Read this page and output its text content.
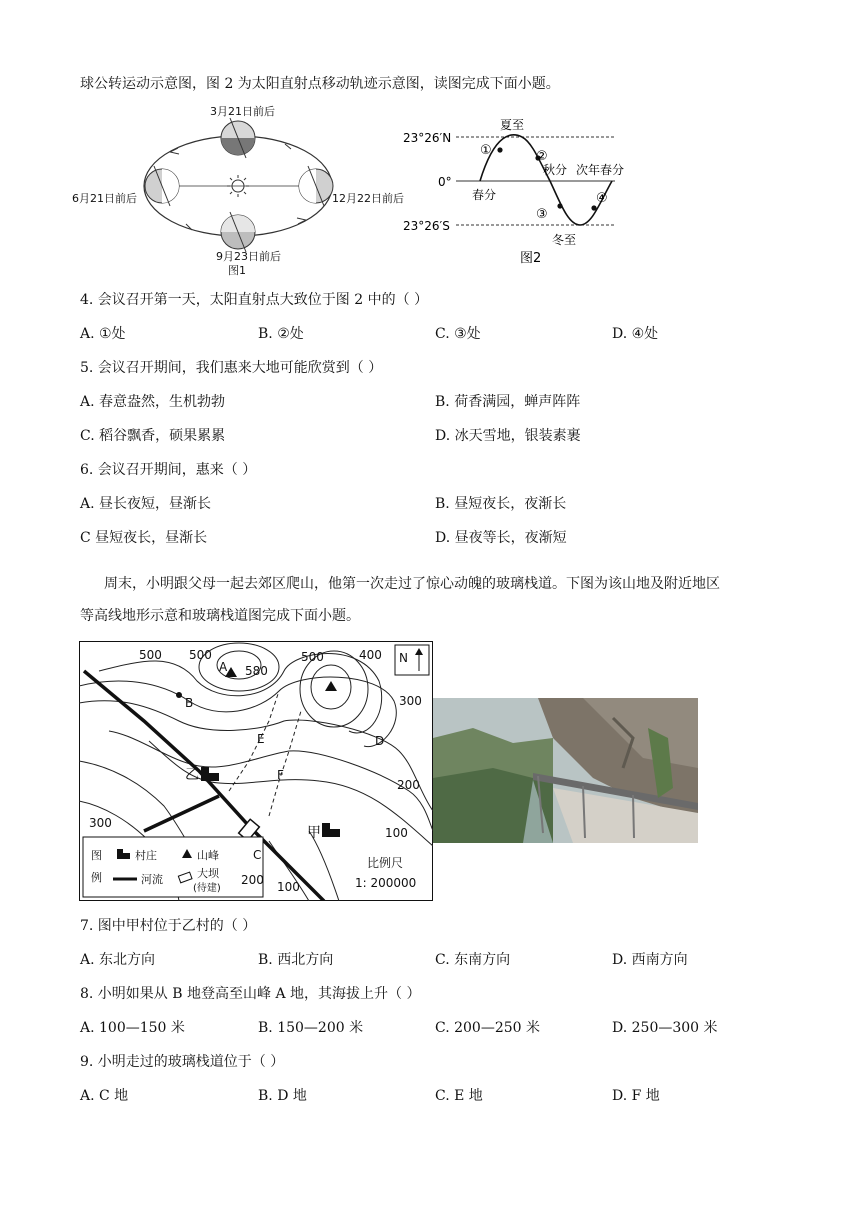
球公转运动示意图，图 2 为太阳直射点移动轨迹示意图，读图完成下面小题。
3月21日前后
6月21日前后	12月22日前后
9月23日前后
图1
23°26′N
0°
23°26′S
夏至
秋分 次年春分
春分
冬至
①	②
③
④
图2
4. 会议召开第一天，太阳直射点大致位于图 2 中的（ ）
A. ①处	B. ②处	C. ③处	D. ④处
5. 会议召开期间，我们惠来大地可能欣赏到（ ）
A. 春意盎然，生机勃勃	B. 荷香满园，蝉声阵阵
C. 稻谷飘香，硕果累累	D. 冰天雪地，银装素裹
6. 会议召开期间，惠来（ ）
A. 昼长夜短，昼渐长	B. 昼短夜长，夜渐长
C 昼短夜长，昼渐长	D. 昼夜等长，夜渐短
周末，小明跟父母一起去郊区爬山，他第一次走过了惊心动魄的玻璃栈道。下图为该山地及附近地区
等高线地形示意和玻璃栈道图完成下面小题。
500 500
580
500	400
300
200
100
300
200 100
N
A
B
C
D
E
F
乙
甲
图
例
村庄	山峰
河流	大坝
(待建)
比例尺
1: 200000
7. 图中甲村位于乙村的（ ）
A. 东北方向	B. 西北方向	C. 东南方向	D. 西南方向
8. 小明如果从 B 地登高至山峰 A 地，其海拔上升（ ）
A. 100—150 米	B. 150—200 米	C. 200—250 米	D. 250—300 米
9. 小明走过的玻璃栈道位于（ ）
A. C 地	B. D 地	C. E 地	D. F 地
